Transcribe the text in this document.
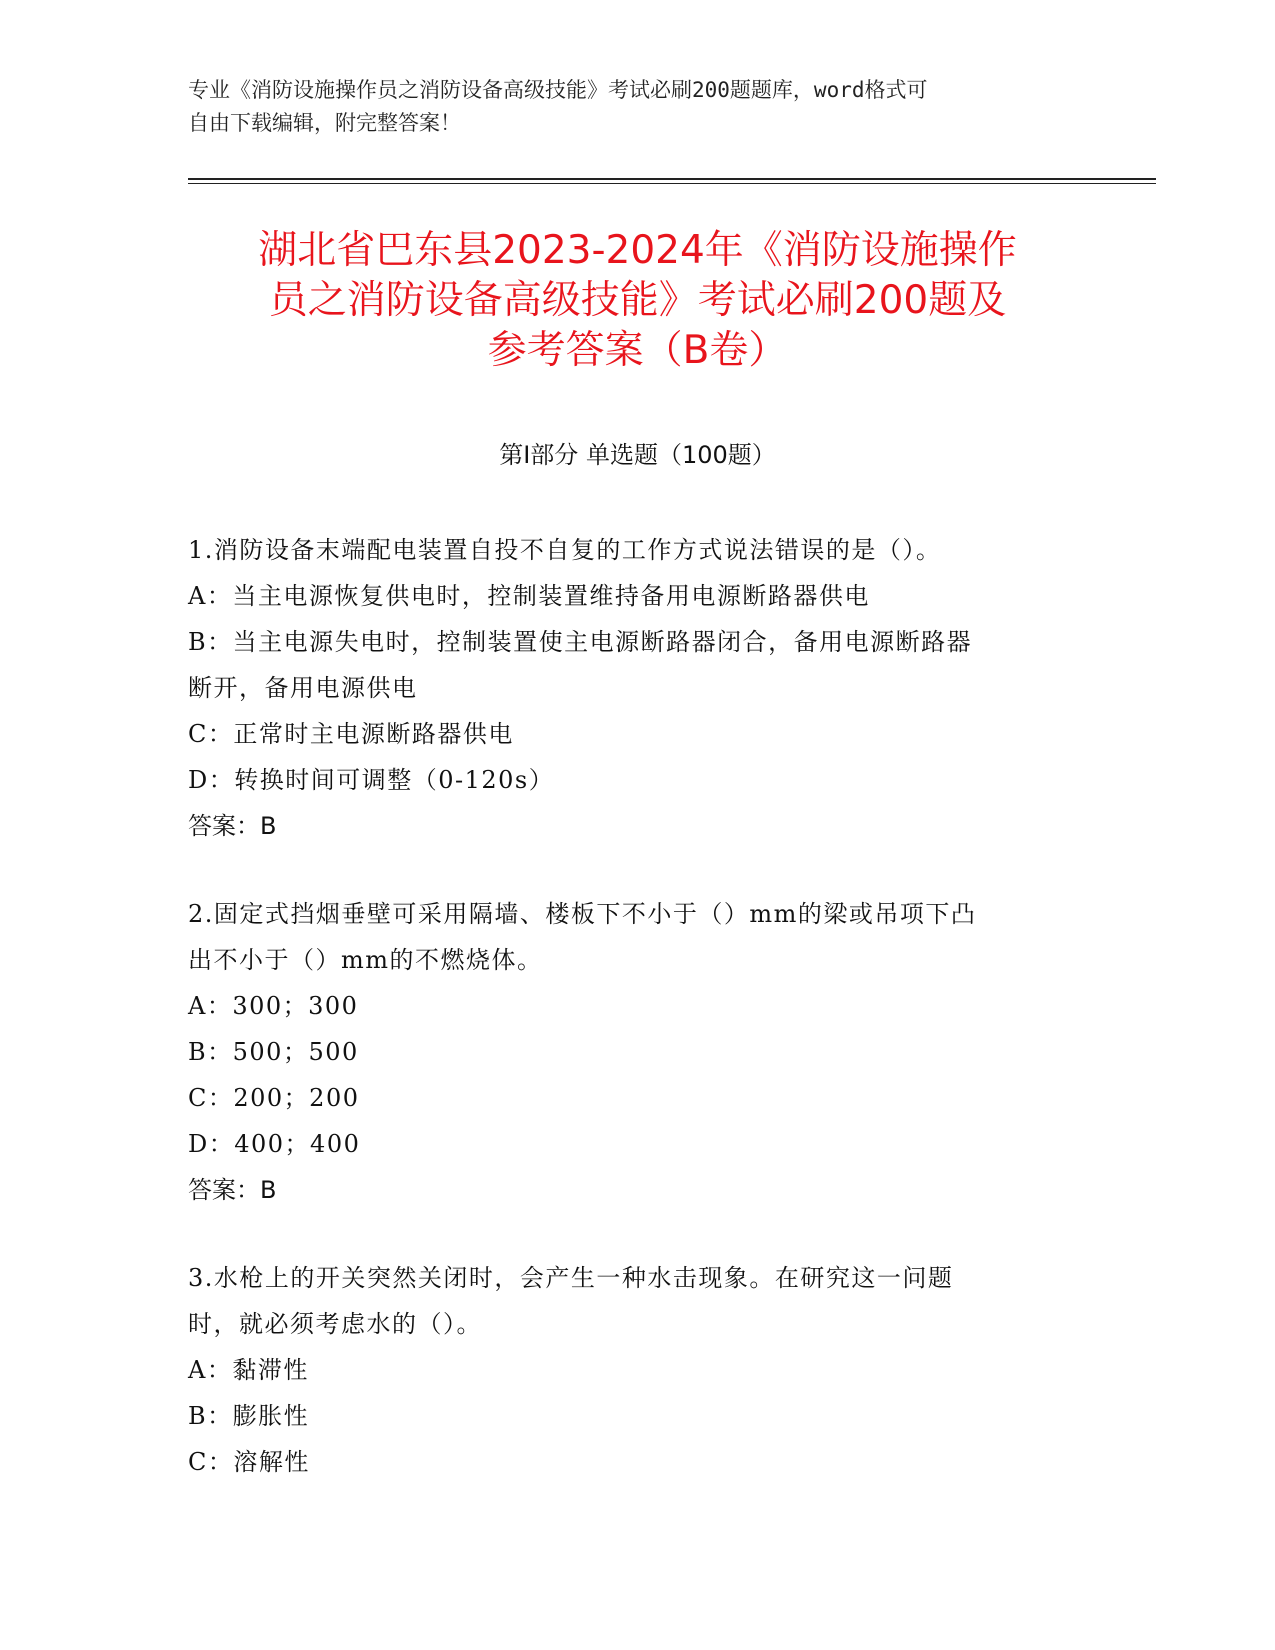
专业《消防设施操作员之消防设备高级技能》考试必刷200题题库，word格式可
自由下载编辑，附完整答案！
湖北省巴东县2023-2024年《消防设施操作
员之消防设备高级技能》考试必刷200题及
参考答案（B卷）
第I部分 单选题（100题）
1.消防设备末端配电装置自投不自复的工作方式说法错误的是（）。
A：当主电源恢复供电时，控制装置维持备用电源断路器供电
B：当主电源失电时，控制装置使主电源断路器闭合，备用电源断路器
断开，备用电源供电
C：正常时主电源断路器供电
D：转换时间可调整（0-120s）
答案：B
2.固定式挡烟垂壁可采用隔墙、楼板下不小于（）mm的梁或吊项下凸
出不小于（）mm的不燃烧体。
A：300；300
B：500；500
C：200；200
D：400；400
答案：B
3.水枪上的开关突然关闭时，会产生一种水击现象。在研究这一问题
时，就必须考虑水的（）。
A：黏滞性
B：膨胀性
C：溶解性
